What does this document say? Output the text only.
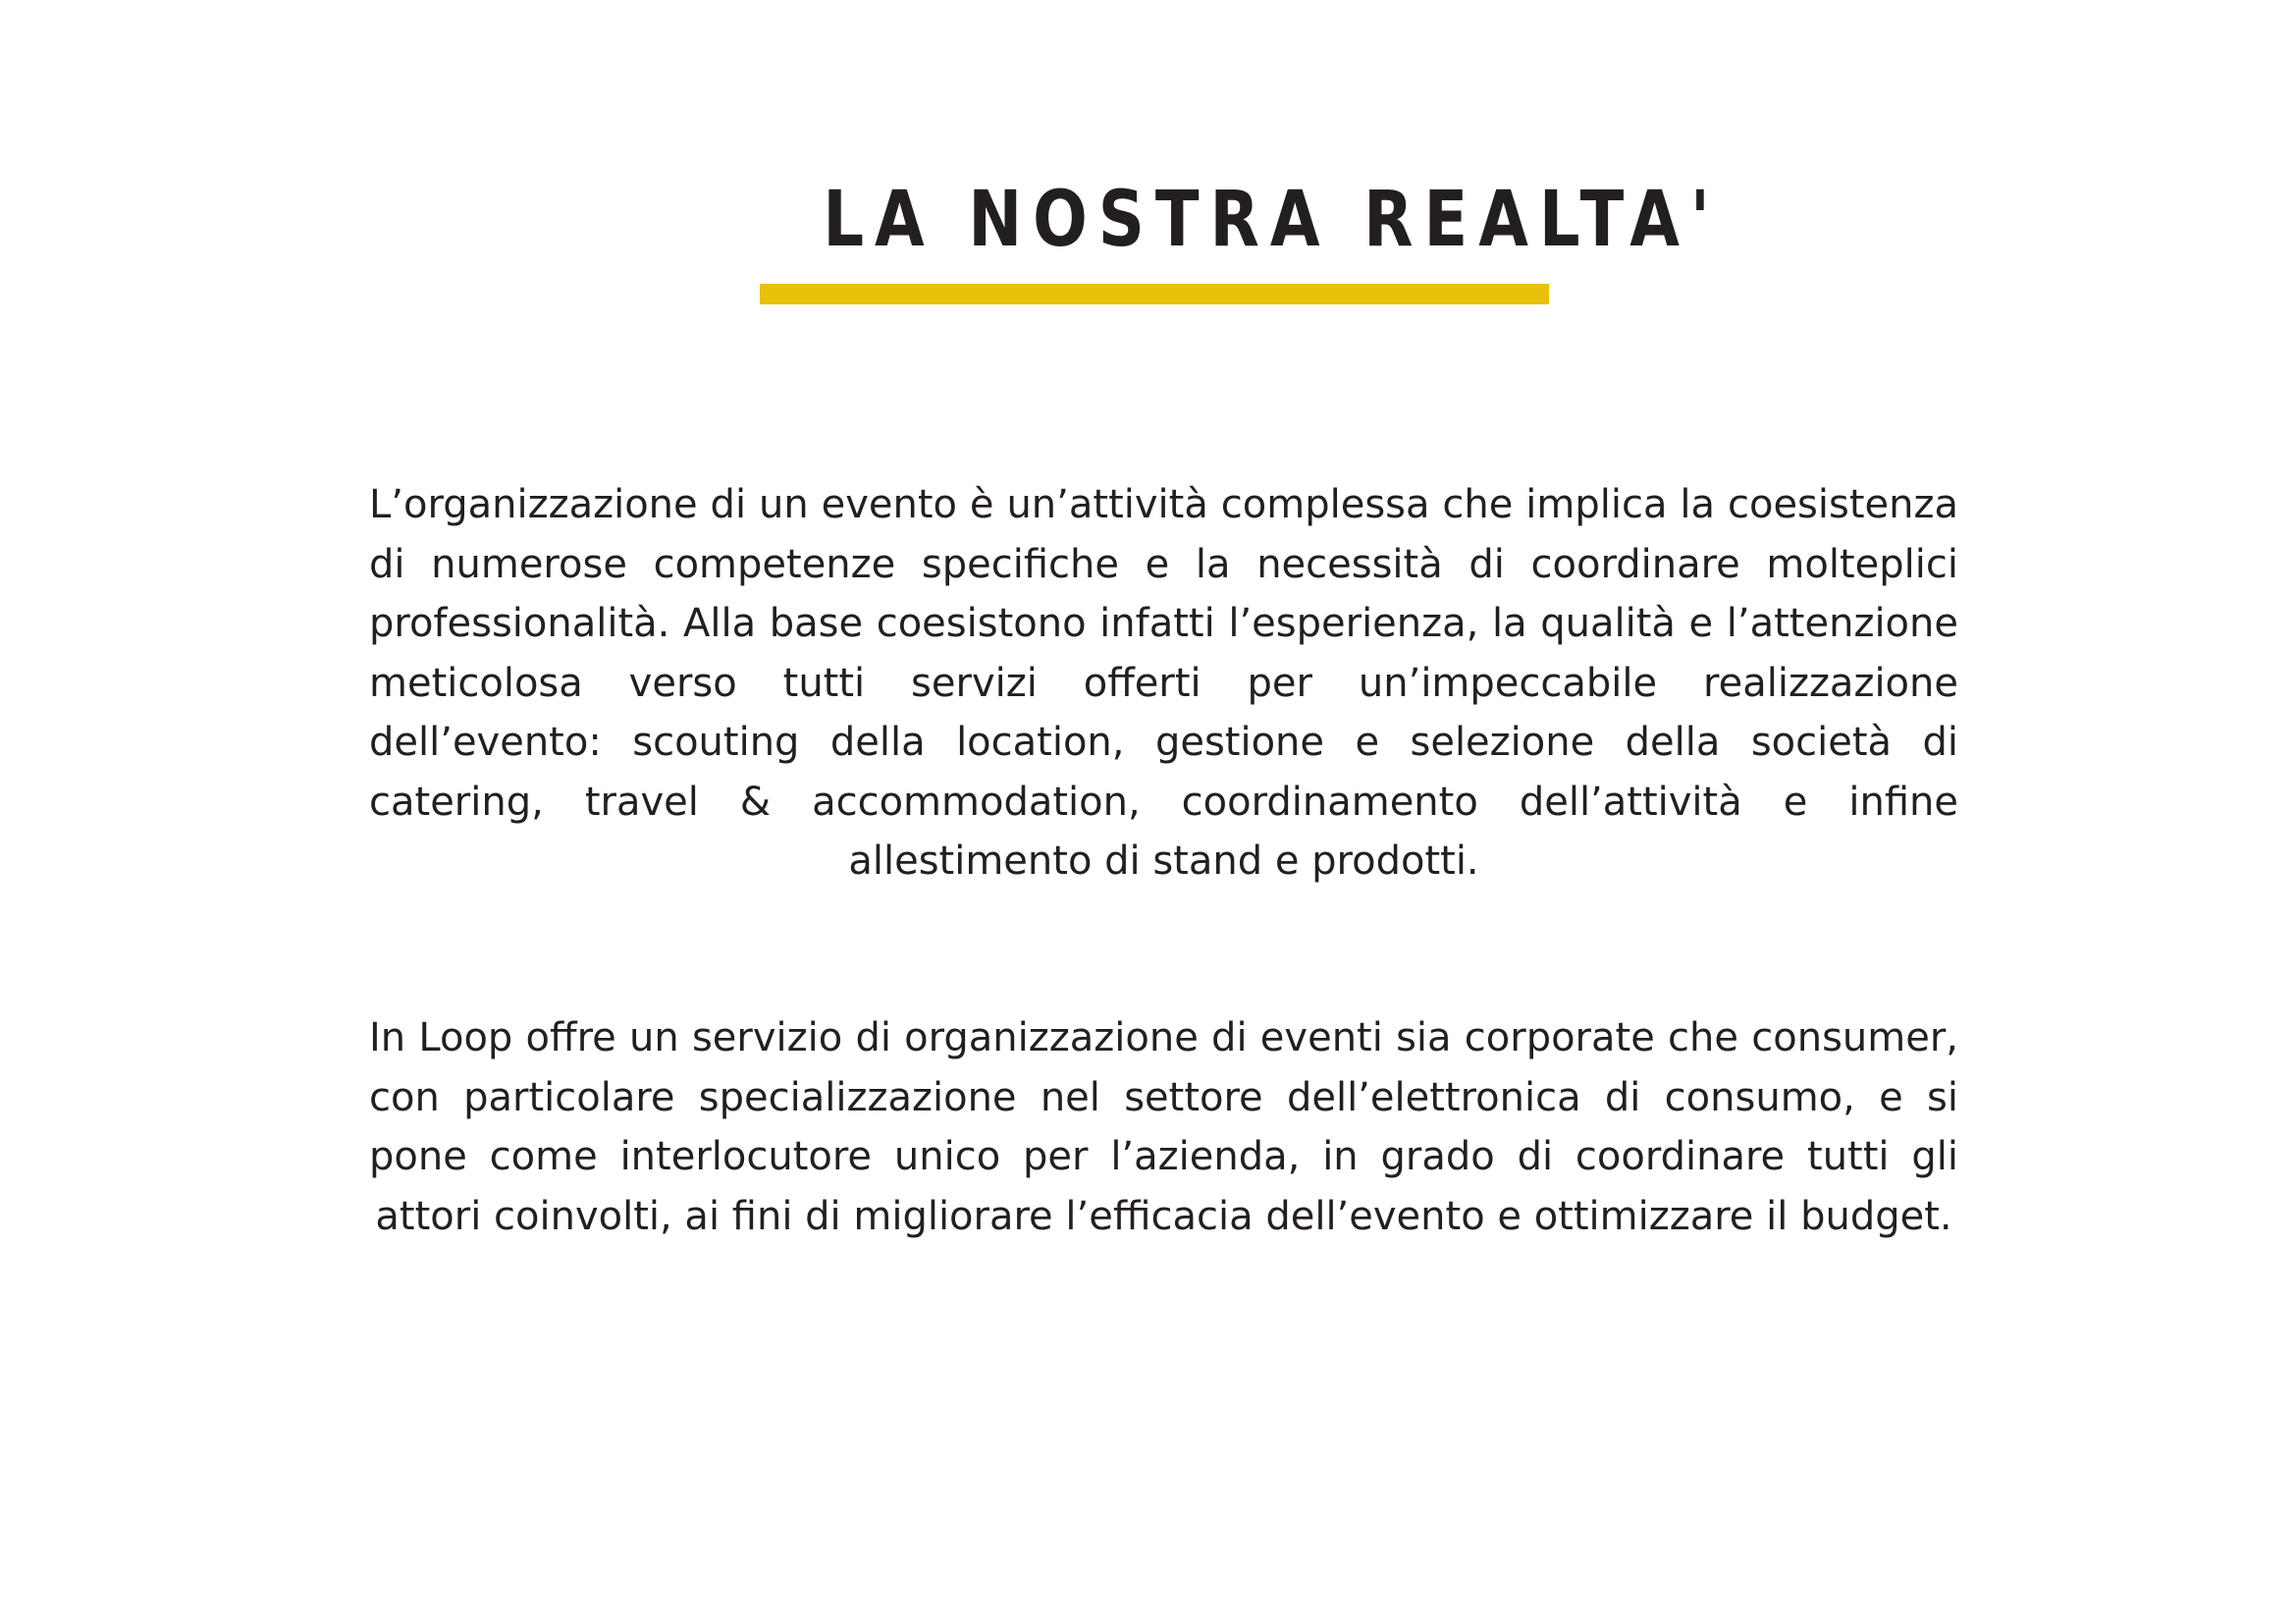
LA NOSTRA REALTA'

L’organizzazione di un evento è un’attività complessa che implica la coesistenza di numerose competenze specifiche e la necessità di coordinare molteplici professionalità. Alla base coesistono infatti l’esperienza, la qualità e l’attenzione meticolosa verso tutti servizi offerti per un’impeccabile realizzazione dell’evento: scouting della location, gestione e selezione della società di catering, travel & accommodation, coordinamento dell’attività e infine allestimento di stand e prodotti.

In Loop offre un servizio di organizzazione di eventi sia corporate che consumer, con particolare specializzazione nel settore dell’elettronica di consumo, e si pone come interlocutore unico per l’azienda, in grado di coordinare tutti gli attori coinvolti, ai fini di migliorare l’efficacia dell’evento e ottimizzare il budget.
